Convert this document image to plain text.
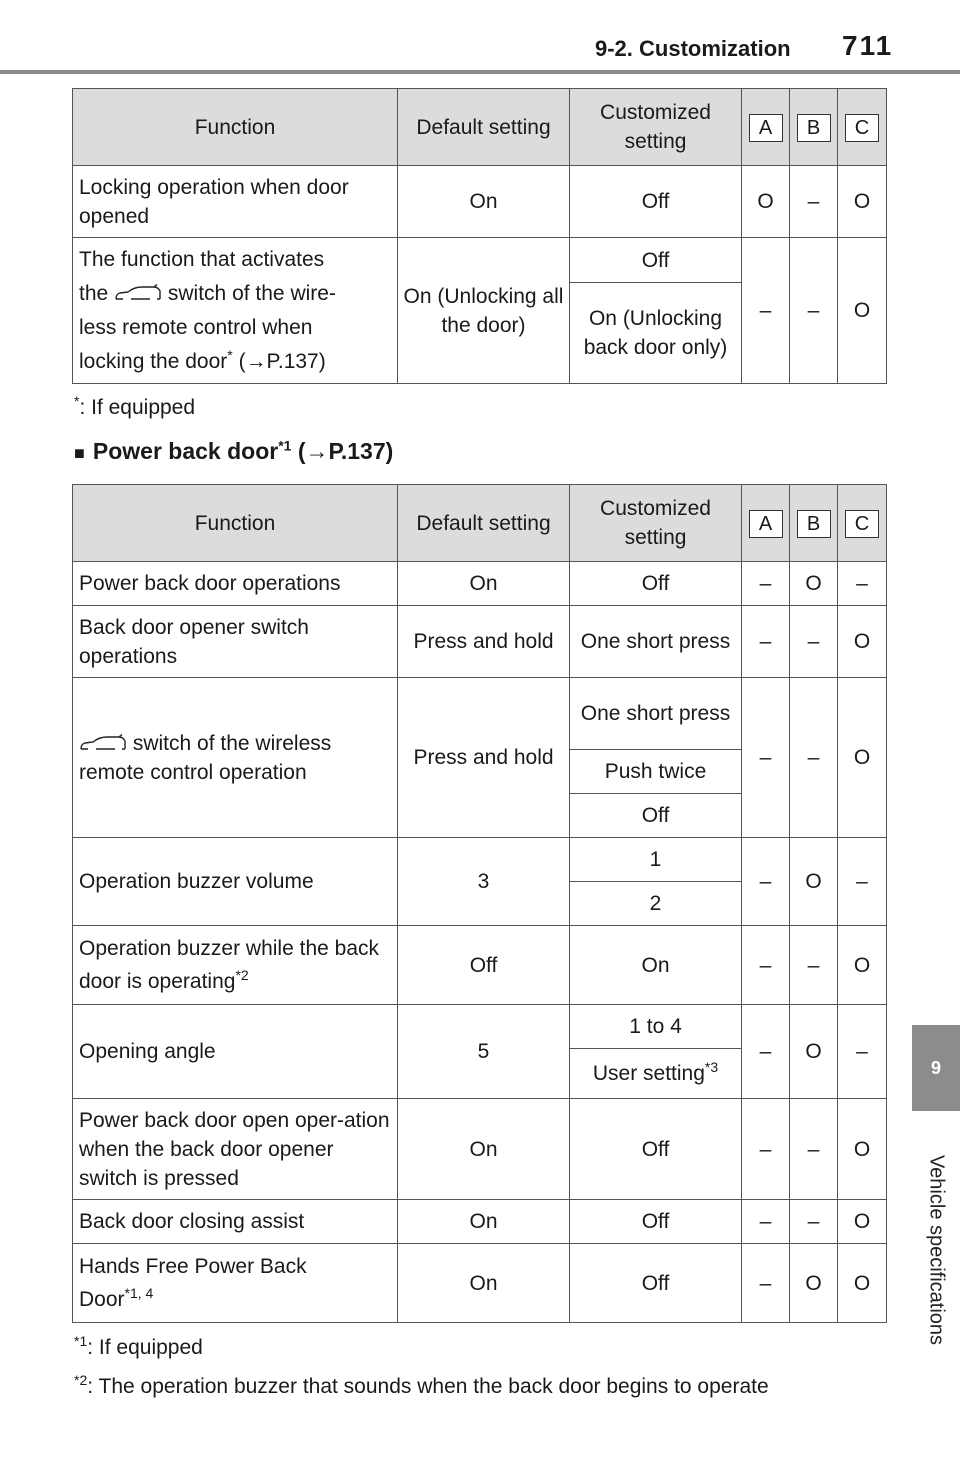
9-2. Customization 711
9
Vehicle specifications
Function	Default setting	Customized setting	A	B	C
Locking operation when door opened	On	Off	O	–	O
The function that activates
the switch of the wire-
less remote control when
locking the door* (→P.137)	On (Unlocking all the door)	Off	–	–	O
		On (Unlocking back door only)			
*: If equipped
■ Power back door$^{*1}$ (→P.137)
Function	Default setting	Customized setting	A	B	C
Power back door operations	On	Off	–	O	–
Back door opener switch operations	Press and hold	One short press	–	–	O
switch of the wireless
remote control operation	Press and hold	One short press	–	–	O
		Push twice			
		Off			
Operation buzzer volume	3	1	–	O	–
		2			
Operation buzzer while the back door is operating$^{*2}$	Off	On	–	–	O
Opening angle	5	1 to 4	–	O	–
		User setting$^{*3}$
Power back door open oper-ation when the back door opener switch is pressed	On	Off	–	–	O
Back door closing assist	On	Off	–	–	O
Hands Free Power Back
Door$^{*1, 4}$	On	Off	–	O	O
$^{*1}$: If equipped
$^{*2}$: The operation buzzer that sounds when the back door begins to operate
